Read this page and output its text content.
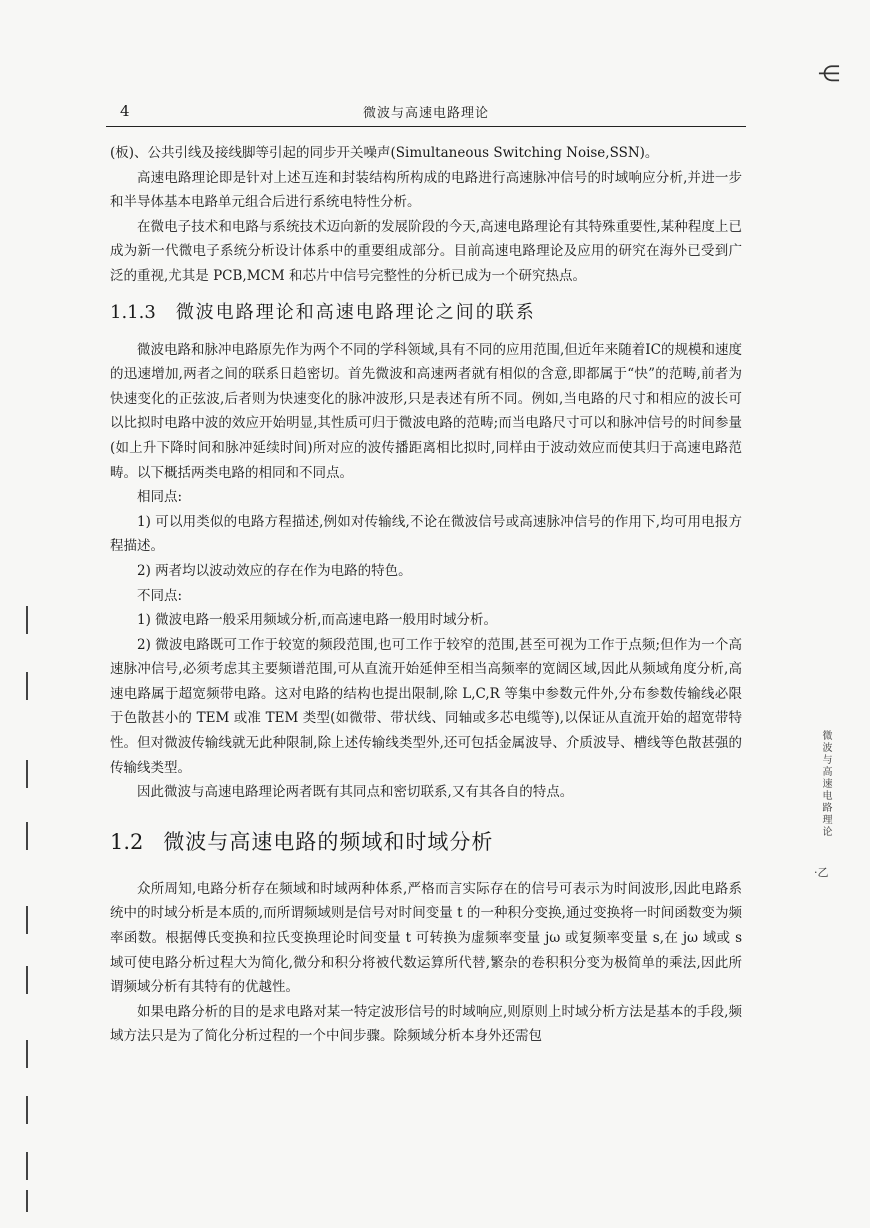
4	微波与高速电路理论
⋲

(板)、公共引线及接线脚等引起的同步开关噪声(Simultaneous Switching Noise,SSN)。

高速电路理论即是针对上述互连和封装结构所构成的电路进行高速脉冲信号的时域响应分析,并进一步和半导体基本电路单元组合后进行系统电特性分析。

在微电子技术和电路与系统技术迈向新的发展阶段的今天,高速电路理论有其特殊重要性,某种程度上已成为新一代微电子系统分析设计体系中的重要组成部分。目前高速电路理论及应用的研究在海外已受到广泛的重视,尤其是 PCB,MCM 和芯片中信号完整性的分析已成为一个研究热点。

1.1.3 微波电路理论和高速电路理论之间的联系

微波电路和脉冲电路原先作为两个不同的学科领域,具有不同的应用范围,但近年来随着IC的规模和速度的迅速增加,两者之间的联系日趋密切。首先微波和高速两者就有相似的含意,即都属于“快”的范畴,前者为快速变化的正弦波,后者则为快速变化的脉冲波形,只是表述有所不同。例如,当电路的尺寸和相应的波长可以比拟时电路中波的效应开始明显,其性质可归于微波电路的范畴;而当电路尺寸可以和脉冲信号的时间参量(如上升下降时间和脉冲延续时间)所对应的波传播距离相比拟时,同样由于波动效应而使其归于高速电路范畴。以下概括两类电路的相同和不同点。

相同点:

1) 可以用类似的电路方程描述,例如对传输线,不论在微波信号或高速脉冲信号的作用下,均可用电报方程描述。

2) 两者均以波动效应的存在作为电路的特色。

不同点:

1) 微波电路一般采用频域分析,而高速电路一般用时域分析。

2) 微波电路既可工作于较宽的频段范围,也可工作于较窄的范围,甚至可视为工作于点频;但作为一个高速脉冲信号,必须考虑其主要频谱范围,可从直流开始延伸至相当高频率的宽阔区域,因此从频域角度分析,高速电路属于超宽频带电路。这对电路的结构也提出限制,除 L,C,R 等集中参数元件外,分布参数传输线必限于色散甚小的 TEM 或准 TEM 类型(如微带、带状线、同轴或多芯电缆等),以保证从直流开始的超宽带特性。但对微波传输线就无此种限制,除上述传输线类型外,还可包括金属波导、介质波导、槽线等色散甚强的传输线类型。

因此微波与高速电路理论两者既有其同点和密切联系,又有其各自的特点。

1.2 微波与高速电路的频域和时域分析

众所周知,电路分析存在频域和时域两种体系,严格而言实际存在的信号可表示为时间波形,因此电路系统中的时域分析是本质的,而所谓频域则是信号对时间变量 t 的一种积分变换,通过变换将一时间函数变为频率函数。根据傅氏变换和拉氏变换理论时间变量 t 可转换为虚频率变量 jω 或复频率变量 s,在 jω 域或 s 域可使电路分析过程大为简化,微分和积分将被代数运算所代替,繁杂的卷积积分变为极简单的乘法,因此所谓频域分析有其特有的优越性。

如果电路分析的目的是求电路对某一特定波形信号的时域响应,则原则上时域分析方法是基本的手段,频域方法只是为了简化分析过程的一个中间步骤。除频域分析本身外还需包

微波与高速电路理论
·乙
